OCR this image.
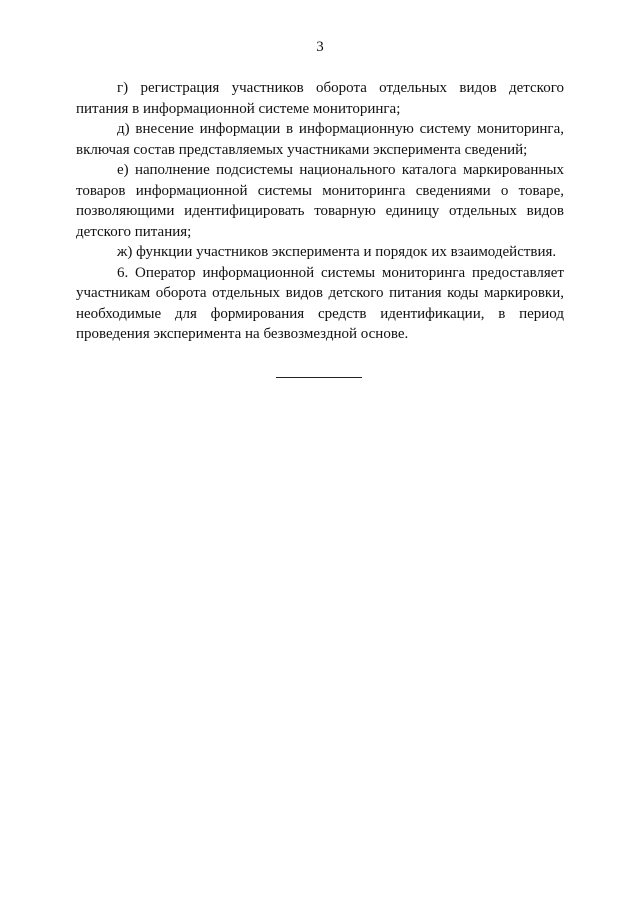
3

г) регистрация участников оборота отдельных видов детского питания в информационной системе мониторинга;

д) внесение информации в информационную систему мониторинга, включая состав представляемых участниками эксперимента сведений;

е) наполнение подсистемы национального каталога маркированных товаров информационной системы мониторинга сведениями о товаре, позволяющими идентифицировать товарную единицу отдельных видов детского питания;

ж) функции участников эксперимента и порядок их взаимодействия.

6. Оператор информационной системы мониторинга предоставляет участникам оборота отдельных видов детского питания коды маркировки, необходимые для формирования средств идентификации, в период проведения эксперимента на безвозмездной основе.
